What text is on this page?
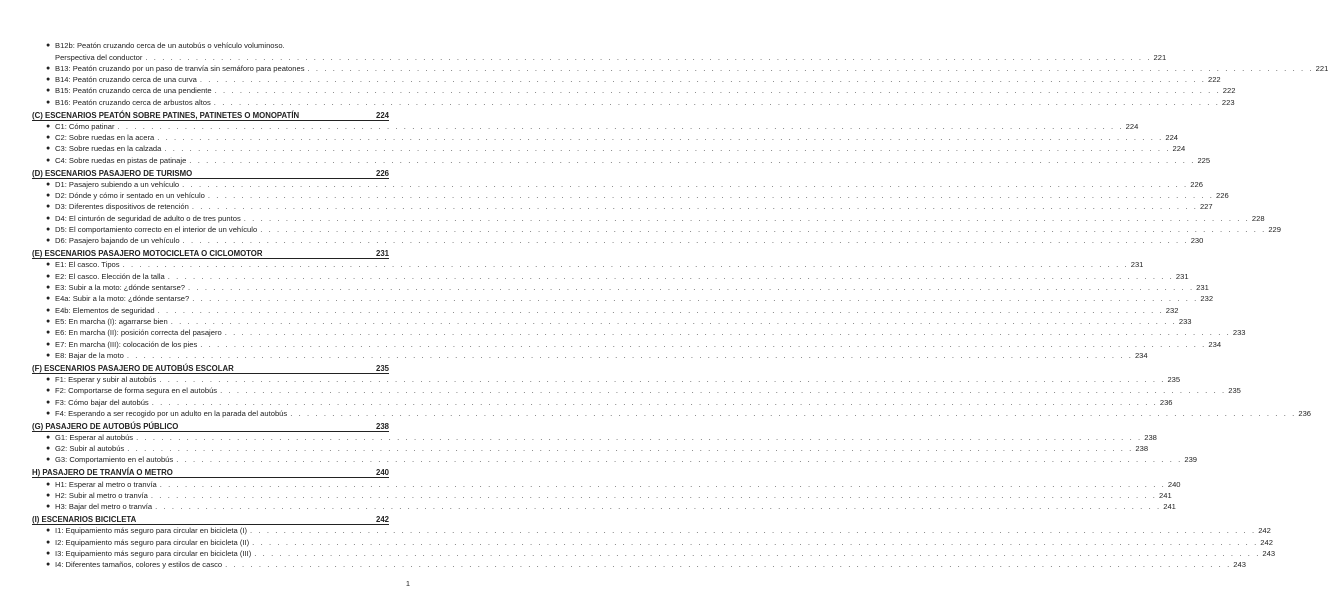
● B12b: Peatón cruzando cerca de un autobús o vehículo voluminoso.
Perspectiva del conductor . . . . . . . . . . . . . . . . . . . . . . . . . . . . . . . . . . . . . . . . . . . . . . . . . . . . . . . . . . . . . . . . . . . . . . . . . . . . . . . . . . . . . . . . . . . . . . . . . . . . . . . . . . . . . . . . . . . . . . . . 221
● B13: Peatón cruzando por un paso de tranvía sin semáforo para peatones . . . . . . . . . . . . . . . . . . . . . . . . . . . . . . . . . . . . . . . . . . . . . . . . . . . . . . . . . . . . . . . . . . . . . . . . . . . . . . . . . . . . . . . . . . . . . . . . . . . . . . . . . . . . . . . . . . . . . . . . 221
● B14: Peatón cruzando cerca de una curva . . . . . . . . . . . . . . . . . . . . . . . . . . . . . . . . . . . . . . . . . . . . . . . . . . . . . . . . . . . . . . . . . . . . . . . . . . . . . . . . . . . . . . . . . . . . . . . . . . . . . . . . . . . . . . . . . . . . . . . . 222
● B15: Peatón cruzando cerca de una pendiente . . . . . . . . . . . . . . . . . . . . . . . . . . . . . . . . . . . . . . . . . . . . . . . . . . . . . . . . . . . . . . . . . . . . . . . . . . . . . . . . . . . . . . . . . . . . . . . . . . . . . . . . . . . . . . . . . . . . . . . . 222
● B16: Peatón cruzando cerca de arbustos altos . . . . . . . . . . . . . . . . . . . . . . . . . . . . . . . . . . . . . . . . . . . . . . . . . . . . . . . . . . . . . . . . . . . . . . . . . . . . . . . . . . . . . . . . . . . . . . . . . . . . . . . . . . . . . . . . . . . . . . . . 223
(C) ESCENARIOS PEATÓN SOBRE PATINES, PATINETES O MONOPATÍN	224
● C1: Cómo patinar . . . . . . . . . . . . . . . . . . . . . . . . . . . . . . . . . . . . . . . . . . . . . . . . . . . . . . . . . . . . . . . . . . . . . . . . . . . . . . . . . . . . . . . . . . . . . . . . . . . . . . . . . . . . . . . . . . . . . . . . 224
● C2: Sobre ruedas en la acera . . . . . . . . . . . . . . . . . . . . . . . . . . . . . . . . . . . . . . . . . . . . . . . . . . . . . . . . . . . . . . . . . . . . . . . . . . . . . . . . . . . . . . . . . . . . . . . . . . . . . . . . . . . . . . . . . . . . . . . . 224
● C3: Sobre ruedas en la calzada . . . . . . . . . . . . . . . . . . . . . . . . . . . . . . . . . . . . . . . . . . . . . . . . . . . . . . . . . . . . . . . . . . . . . . . . . . . . . . . . . . . . . . . . . . . . . . . . . . . . . . . . . . . . . . . . . . . . . . . . 224
● C4: Sobre ruedas en pistas de patinaje . . . . . . . . . . . . . . . . . . . . . . . . . . . . . . . . . . . . . . . . . . . . . . . . . . . . . . . . . . . . . . . . . . . . . . . . . . . . . . . . . . . . . . . . . . . . . . . . . . . . . . . . . . . . . . . . . . . . . . . . 225
(D) ESCENARIOS PASAJERO DE TURISMO	226
● D1: Pasajero subiendo a un vehículo . . . . . . . . . . . . . . . . . . . . . . . . . . . . . . . . . . . . . . . . . . . . . . . . . . . . . . . . . . . . . . . . . . . . . . . . . . . . . . . . . . . . . . . . . . . . . . . . . . . . . . . . . . . . . . . . . . . . . . . . 226
● D2: Dónde y cómo ir sentado en un vehículo . . . . . . . . . . . . . . . . . . . . . . . . . . . . . . . . . . . . . . . . . . . . . . . . . . . . . . . . . . . . . . . . . . . . . . . . . . . . . . . . . . . . . . . . . . . . . . . . . . . . . . . . . . . . . . . . . . . . . . . . 226
● D3: Diferentes dispositivos de retención . . . . . . . . . . . . . . . . . . . . . . . . . . . . . . . . . . . . . . . . . . . . . . . . . . . . . . . . . . . . . . . . . . . . . . . . . . . . . . . . . . . . . . . . . . . . . . . . . . . . . . . . . . . . . . . . . . . . . . . . 227
● D4: El cinturón de seguridad de adulto o de tres puntos . . . . . . . . . . . . . . . . . . . . . . . . . . . . . . . . . . . . . . . . . . . . . . . . . . . . . . . . . . . . . . . . . . . . . . . . . . . . . . . . . . . . . . . . . . . . . . . . . . . . . . . . . . . . . . . . . . . . . . . . 228
● D5: El comportamiento correcto en el interior de un vehículo . . . . . . . . . . . . . . . . . . . . . . . . . . . . . . . . . . . . . . . . . . . . . . . . . . . . . . . . . . . . . . . . . . . . . . . . . . . . . . . . . . . . . . . . . . . . . . . . . . . . . . . . . . . . . . . . . . . . . . . . 229
● D6: Pasajero bajando de un vehículo . . . . . . . . . . . . . . . . . . . . . . . . . . . . . . . . . . . . . . . . . . . . . . . . . . . . . . . . . . . . . . . . . . . . . . . . . . . . . . . . . . . . . . . . . . . . . . . . . . . . . . . . . . . . . . . . . . . . . . . . 230
(E) ESCENARIOS PASAJERO MOTOCICLETA O CICLOMOTOR	231
● E1: El casco. Tipos . . . . . . . . . . . . . . . . . . . . . . . . . . . . . . . . . . . . . . . . . . . . . . . . . . . . . . . . . . . . . . . . . . . . . . . . . . . . . . . . . . . . . . . . . . . . . . . . . . . . . . . . . . . . . . . . . . . . . . . . 231
● E2: El casco. Elección de la talla . . . . . . . . . . . . . . . . . . . . . . . . . . . . . . . . . . . . . . . . . . . . . . . . . . . . . . . . . . . . . . . . . . . . . . . . . . . . . . . . . . . . . . . . . . . . . . . . . . . . . . . . . . . . . . . . . . . . . . . . 231
● E3: Subir a la moto: ¿dónde sentarse? . . . . . . . . . . . . . . . . . . . . . . . . . . . . . . . . . . . . . . . . . . . . . . . . . . . . . . . . . . . . . . . . . . . . . . . . . . . . . . . . . . . . . . . . . . . . . . . . . . . . . . . . . . . . . . . . . . . . . . . . 231
● E4a: Subir a la moto: ¿dónde sentarse? . . . . . . . . . . . . . . . . . . . . . . . . . . . . . . . . . . . . . . . . . . . . . . . . . . . . . . . . . . . . . . . . . . . . . . . . . . . . . . . . . . . . . . . . . . . . . . . . . . . . . . . . . . . . . . . . . . . . . . . . 232
● E4b: Elementos de seguridad . . . . . . . . . . . . . . . . . . . . . . . . . . . . . . . . . . . . . . . . . . . . . . . . . . . . . . . . . . . . . . . . . . . . . . . . . . . . . . . . . . . . . . . . . . . . . . . . . . . . . . . . . . . . . . . . . . . . . . . . 232
● E5: En marcha (I): agarrarse bien . . . . . . . . . . . . . . . . . . . . . . . . . . . . . . . . . . . . . . . . . . . . . . . . . . . . . . . . . . . . . . . . . . . . . . . . . . . . . . . . . . . . . . . . . . . . . . . . . . . . . . . . . . . . . . . . . . . . . . . . 233
● E6: En marcha (II): posición correcta del pasajero . . . . . . . . . . . . . . . . . . . . . . . . . . . . . . . . . . . . . . . . . . . . . . . . . . . . . . . . . . . . . . . . . . . . . . . . . . . . . . . . . . . . . . . . . . . . . . . . . . . . . . . . . . . . . . . . . . . . . . . . 233
● E7: En marcha (III): colocación de los pies . . . . . . . . . . . . . . . . . . . . . . . . . . . . . . . . . . . . . . . . . . . . . . . . . . . . . . . . . . . . . . . . . . . . . . . . . . . . . . . . . . . . . . . . . . . . . . . . . . . . . . . . . . . . . . . . . . . . . . . . 234
● E8: Bajar de la moto . . . . . . . . . . . . . . . . . . . . . . . . . . . . . . . . . . . . . . . . . . . . . . . . . . . . . . . . . . . . . . . . . . . . . . . . . . . . . . . . . . . . . . . . . . . . . . . . . . . . . . . . . . . . . . . . . . . . . . . . 234
(F) ESCENARIOS PASAJERO DE AUTOBÚS ESCOLAR	235
● F1: Esperar y subir al autobús . . . . . . . . . . . . . . . . . . . . . . . . . . . . . . . . . . . . . . . . . . . . . . . . . . . . . . . . . . . . . . . . . . . . . . . . . . . . . . . . . . . . . . . . . . . . . . . . . . . . . . . . . . . . . . . . . . . . . . . . 235
● F2: Comportarse de forma segura en el autobús . . . . . . . . . . . . . . . . . . . . . . . . . . . . . . . . . . . . . . . . . . . . . . . . . . . . . . . . . . . . . . . . . . . . . . . . . . . . . . . . . . . . . . . . . . . . . . . . . . . . . . . . . . . . . . . . . . . . . . . . 235
● F3: Cómo bajar del autobús . . . . . . . . . . . . . . . . . . . . . . . . . . . . . . . . . . . . . . . . . . . . . . . . . . . . . . . . . . . . . . . . . . . . . . . . . . . . . . . . . . . . . . . . . . . . . . . . . . . . . . . . . . . . . . . . . . . . . . . . 236
● F4: Esperando a ser recogido por un adulto en la parada del autobús . . . . . . . . . . . . . . . . . . . . . . . . . . . . . . . . . . . . . . . . . . . . . . . . . . . . . . . . . . . . . . . . . . . . . . . . . . . . . . . . . . . . . . . . . . . . . . . . . . . . . . . . . . . . . . . . . . . . . . . . 236
(G) PASAJERO DE AUTOBÚS PÚBLICO	238
● G1: Esperar al autobús . . . . . . . . . . . . . . . . . . . . . . . . . . . . . . . . . . . . . . . . . . . . . . . . . . . . . . . . . . . . . . . . . . . . . . . . . . . . . . . . . . . . . . . . . . . . . . . . . . . . . . . . . . . . . . . . . . . . . . . . 238
● G2: Subir al autobús . . . . . . . . . . . . . . . . . . . . . . . . . . . . . . . . . . . . . . . . . . . . . . . . . . . . . . . . . . . . . . . . . . . . . . . . . . . . . . . . . . . . . . . . . . . . . . . . . . . . . . . . . . . . . . . . . . . . . . . . 238
● G3: Comportamiento en el autobús . . . . . . . . . . . . . . . . . . . . . . . . . . . . . . . . . . . . . . . . . . . . . . . . . . . . . . . . . . . . . . . . . . . . . . . . . . . . . . . . . . . . . . . . . . . . . . . . . . . . . . . . . . . . . . . . . . . . . . . . 239
H) PASAJERO DE TRANVÍA O METRO	240
● H1: Esperar al metro o tranvía . . . . . . . . . . . . . . . . . . . . . . . . . . . . . . . . . . . . . . . . . . . . . . . . . . . . . . . . . . . . . . . . . . . . . . . . . . . . . . . . . . . . . . . . . . . . . . . . . . . . . . . . . . . . . . . . . . . . . . . . 240
● H2: Subir al metro o tranvía . . . . . . . . . . . . . . . . . . . . . . . . . . . . . . . . . . . . . . . . . . . . . . . . . . . . . . . . . . . . . . . . . . . . . . . . . . . . . . . . . . . . . . . . . . . . . . . . . . . . . . . . . . . . . . . . . . . . . . . . 241
● H3: Bajar del metro o tranvía . . . . . . . . . . . . . . . . . . . . . . . . . . . . . . . . . . . . . . . . . . . . . . . . . . . . . . . . . . . . . . . . . . . . . . . . . . . . . . . . . . . . . . . . . . . . . . . . . . . . . . . . . . . . . . . . . . . . . . . . 241
(I) ESCENARIOS BICICLETA	242
● I1: Equipamiento más seguro para circular en bicicleta (I) . . . . . . . . . . . . . . . . . . . . . . . . . . . . . . . . . . . . . . . . . . . . . . . . . . . . . . . . . . . . . . . . . . . . . . . . . . . . . . . . . . . . . . . . . . . . . . . . . . . . . . . . . . . . . . . . . . . . . . . . 242
● I2: Equipamiento más seguro para circular en bicicleta (II) . . . . . . . . . . . . . . . . . . . . . . . . . . . . . . . . . . . . . . . . . . . . . . . . . . . . . . . . . . . . . . . . . . . . . . . . . . . . . . . . . . . . . . . . . . . . . . . . . . . . . . . . . . . . . . . . . . . . . . . . 242
● I3: Equipamiento más seguro para circular en bicicleta (III) . . . . . . . . . . . . . . . . . . . . . . . . . . . . . . . . . . . . . . . . . . . . . . . . . . . . . . . . . . . . . . . . . . . . . . . . . . . . . . . . . . . . . . . . . . . . . . . . . . . . . . . . . . . . . . . . . . . . . . . . 243
● I4: Diferentes tamaños, colores y estilos de casco . . . . . . . . . . . . . . . . . . . . . . . . . . . . . . . . . . . . . . . . . . . . . . . . . . . . . . . . . . . . . . . . . . . . . . . . . . . . . . . . . . . . . . . . . . . . . . . . . . . . . . . . . . . . . . . . . . . . . . . . 243
1
